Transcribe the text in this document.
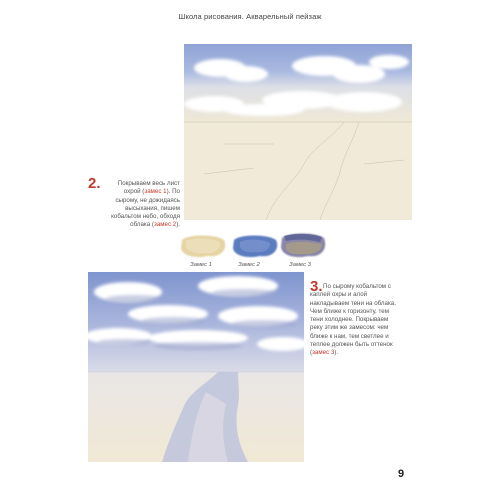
Школа рисования. Акварельный пейзаж
2.	Покрываем весь лист охрой (замес 1). По сырому, не дожидаясь высыхания, пишем кобальтом небо, обходя облака (замес 2).
Замес 1	Замес 2	Замес 3
3. По сырому кобальтом с каплей охры и алой накладываем тени на облака. Чем ближе к горизонту, тем тени холоднее. Покрываем реку этим же замесом: чем ближе к нам, тем светлее и теплее должен быть оттенок (замес 3).
9
